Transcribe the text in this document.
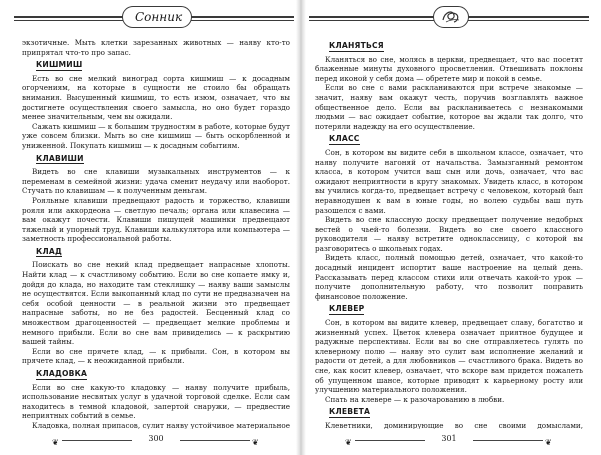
Сонник

экзотичные. Мыть клетки зарезанных животных — наяву кто-то припрятал что-то про запас.

КИШМИШ

Есть во сне мелкий виноград сорта кишмиш — к досадным огорчениям, на которые в сущности не стоило бы обращать внимания. Высушенный кишмиш, то есть изюм, означает, что вы достигнете осуществления своего замысла, но оно будет гораздо менее значительным, чем вы ожидали.

Сажать кишмиш — к большим трудностям в работе, которые будут уже совсем близки. Мыть во сне кишмиш — быть оскорбленной и униженной. Покупать кишмиш — к досадным событиям.

КЛАВИШИ

Видеть во сне клавиши музыкальных инструментов — к переменам в семейной жизни: удача сменит неудачу или наоборот. Стучать по клавишам — к полученным деньгам.

Рояльные клавиши предвещают радость и торжество, клавиши рояля или аккордеона — светлую печаль; органа или клавесина — вам окажут почести. Клавиши пишущей машинки предвещают тяжелый и упорный труд. Клавиши калькулятора или компьютера — заметность профессиональной работы.

КЛАД

Поискать во сне некий клад предвещает напрасные хлопоты. Найти клад — к счастливому событию. Если во сне копаете ямку и, дойдя до клада, но находите там стекляшку — наяву ваши замыслы не осуществятся. Если выкопанный клад по сути не предназначен на себя особой ценности — в реальной жизни это предвещает напрасные заботы, но не без радостей. Бесценный клад со множеством драгоценностей — предвещает мелкие проблемы и немного прибыли. Если во сне вам привиделись — к раскрытию вашей тайны.

Если во сне прячете клад, — к прибыли. Сон, в котором вы прячете клад, — к неожиданной прибыли.

КЛАДОВКА

Если во сне какую-то кладовку — наяву получите прибыль, использование несвятых услуг в удачной торговой сделке. Если сам находитесь в темной кладовой, запертой снаружи, — предвестие неприятных событий в семье.

Кладовка, полная припасов, сулит наяву устойчивое материальное

❦	❦
300
КЛАНЯТЬСЯ

Кланяться во сне, молясь в церкви, предвещает, что вас посетят блаженные минуты духовного просветления. Отвешивать поклоны перед иконой у себя дома — обретете мир и покой в семье.

Если во сне с вами раскланиваются при встрече знакомые — значит, наяву вам окажут честь, поручив возглавлять важное общественное дело. Если вы раскланиваетесь с незнакомыми людьми — вас ожидает событие, которое вы ждали так долго, что потеряли надежду на его осуществление.

КЛАСС

Сон, в котором вы видите себя в школьном классе, означает, что наяву получите нагоняй от начальства. Замызганный ремонтом класса, в котором учится ваш сын или дочь, означает, что вас ожидают неприятности в кругу знакомых. Увидеть класс, в котором вы учились когда-то, предвещает встречу с человеком, который был неравнодушен к вам в юные годы, но волею судьбы ваш путь разошелся с вами.

Видеть во сне классную доску предвещает получение недобрых вестей о чьей-то болезни. Видеть во сне своего классного руководителя — наяву встретите одноклассницу, с которой вы разговоритесь о школьных годах.

Видеть класс, полный помощью детей, означает, что какой-то досадный инцидент испортит ваше настроение на целый день. Рассказывать перед классом стихи или отвечать какой-то урок — получите дополнительную работу, что позволит поправить финансовое положение.

КЛЕВЕР

Сон, в котором вы видите клевер, предвещает славу, богатство и жизненный успех. Цветок клевера означает приятное будущее и радужные перспективы. Если вы во сне отправляетесь гулять по клеверному полю — наяву это сулит вам исполнение желаний и радости от детей, а для любовников — счастливого брака. Видеть во сне, как косит клевер, означает, что вскоре вам придется пожалеть об упущенном шансе, которые приводят к карьерному росту или улучшению материального положения.

Спать на клевере — к разочарованию в любви.

КЛЕВЕТА

Клеветники, доминирующие во сне своими домыслами,

❦	❦
301
